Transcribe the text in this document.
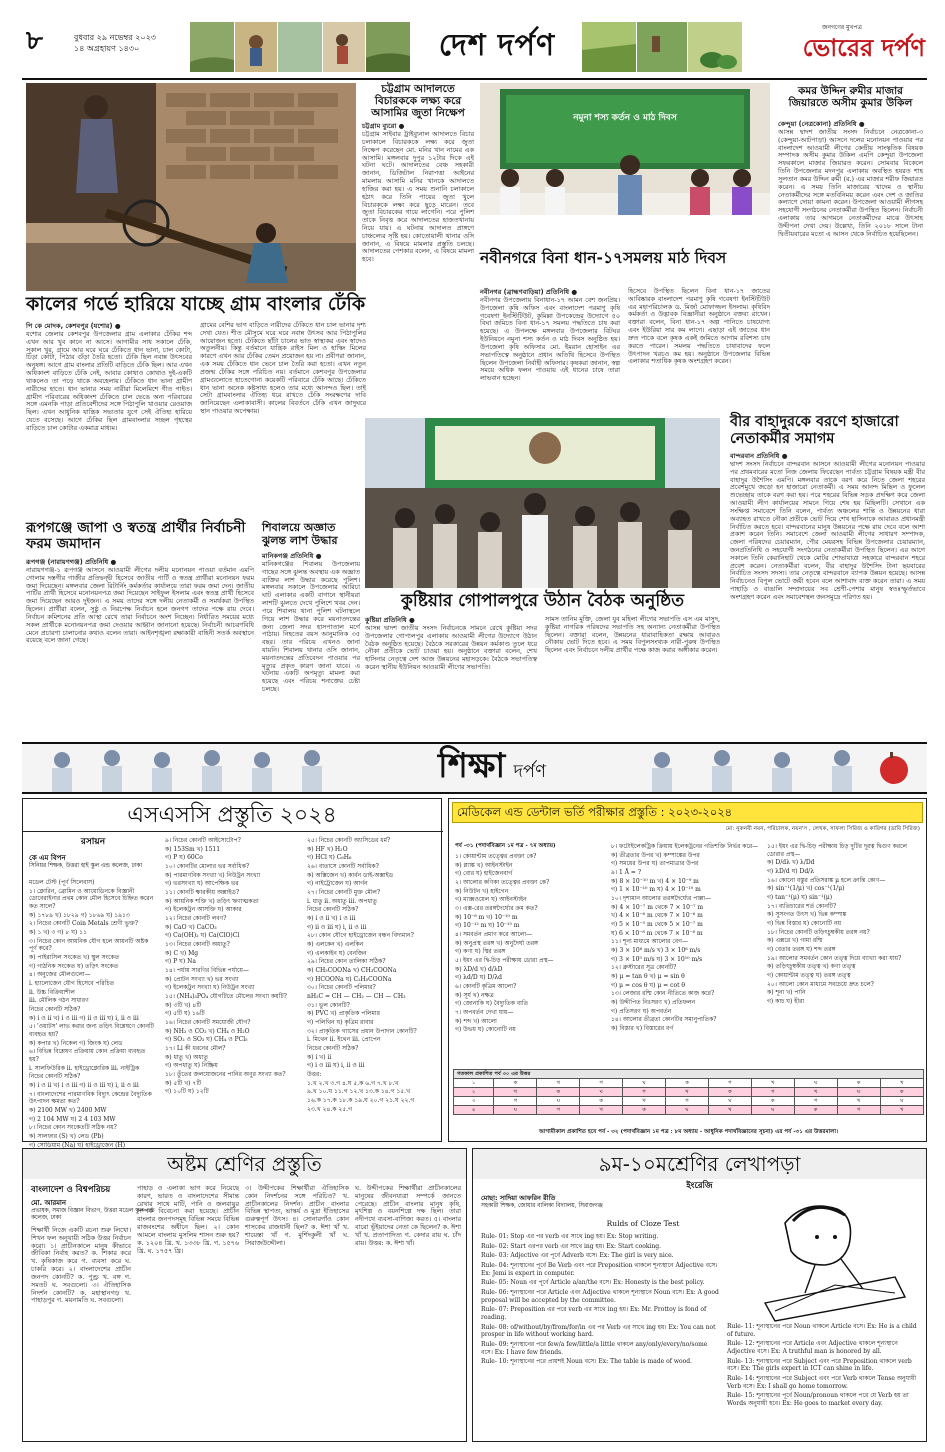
৮	বুধবার ২৯ নভেম্বর ২০২৩
১৪ অগ্রহায়ণ ১৪৩০	দেশ দর্পণ
জনগণের মুখপত্র
ভোরের দর্পণ
কালের গর্ভে হারিয়ে যাচ্ছে গ্রাম বাংলার ঢেঁকি
পি কে মোদক, কেশবপুর (যশোর) ●
যশোর জেলার কেশবপুর উপজেলার গ্রাম এলাকার ঢেঁকির শব্দ এখন আর খুব কানে না আসে। আগামীর সাধ সকালে ঢেঁকি, সকাল খুর, গ্রামে আর ঘরে ঘরে ঢেঁকিতে ধান ভানা, চাল কোটা, চিঁড়া কোটা, পিঠার গুঁড়া তৈরি হতো। ঢেঁকি ছিল নবান্ন উৎসবের অনুষঙ্গ। আগে গ্রাম বাংলার প্রতিটি বাড়িতে ঢেঁকি ছিল। আর এখন অধিকাংশ বাড়িতে ঢেঁকি নেই, আবার কোথাও কোথাও দুই-একটি থাকলেও তা পড়ে থাকে অবহেলায়। ঢেঁকিতে ধান ভানা গ্রামীণ নারীদের হাতে। ধান ভানার সময় নারীরা মিলেমিশে গীত গাইত। গ্রামীণ পরিবারের অধিকাংশ ঢেঁকিতে চাল ভেঙে অন্য পরিবারের সঙ্গে এমনকি পাড়া প্রতিবেশীদের সঙ্গে পিঠাপুলি খাওয়ার রেওয়াজ ছিল। এখন আধুনিক যান্ত্রিক সভ্যতার যুগে সেই ঐতিহ্য হারিয়ে যেতে বসেছে। আগে ঢেঁকির ছিল গ্রামবাংলার সচ্ছল গৃহস্থের বাড়িতে চাল কোটার একমাত্র মাধ্যম।
গ্রামের বেশির ভাগ বাড়িতে নারীদের ঢেঁকিতে ধান চাল ভানার দৃশ্য দেখা যেত। শীত মৌসুমে ঘরে ঘরে নবান্ন উৎসব আর পিঠাপুলির আয়োজন হতো। ঢেঁকিতে ছাঁটা চালের ভাত স্বাস্থ্যকর এবং স্বাদেও অতুলনীয়। কিন্তু বর্তমানে যান্ত্রিক রাইস মিল ও হাস্কিং মিলের কারণে এখন আর ঢেঁকির তেমন প্রয়োজন হয় না। প্রবীণরা জানান, এক সময় ঢেঁকিতে ধান ভেনে চাল তৈরি করা হতো। এখন নতুন প্রজন্ম ঢেঁকির সঙ্গে পরিচিত নয়। বর্তমানে কেশবপুর উপজেলার গ্রামগুলোতে হাতেগোনা কয়েকটি পরিবারে ঢেঁকি আছে। ঢেঁকিতে ধান ভানা অনেক কষ্টসাধ্য হলেও তার মধ্যে আনন্দও ছিল। তাই সেটা গ্রামবাংলার ঐতিহ্য ধরে রাখতে ঢেঁকি সংরক্ষণের দাবি জানিয়েছেন এলাকাবাসী। কালের বিবর্তনে ঢেঁকি এখন জাদুঘরে স্থান পাওয়ার অপেক্ষায়।
চট্টগ্রাম আদালতে বিচারককে লক্ষ্য করে আসামির জুতা নিক্ষেপ
চট্টগ্রাম ব্যুরো ●
চট্টগ্রাম সাইবার ট্রাইব্যুনাল আদালতে বিচার চলাকালে বিচারককে লক্ষ্য করে জুতা নিক্ষেপ করেছেন মো. মনির খান নামের এক আসামি। মঙ্গলবার দুপুর ১২টার দিকে এই ঘটনা ঘটে। আদালতের বেঞ্চ সহকারী জানান, ডিজিটাল নিরাপত্তা আইনের মামলায় আসামি মনির খানকে আদালতে হাজির করা হয়। এ সময় শুনানি চলাকালে হঠাৎ করে তিনি পায়ের জুতা খুলে বিচারককে লক্ষ্য করে ছুড়ে মারেন। তবে জুতা বিচারকের গায়ে লাগেনি। পরে পুলিশ তাকে নিবৃত্ত করে আদালতের হাজতখানায় নিয়ে যায়। এ ঘটনায় আদালত প্রাঙ্গণে চাঞ্চল্যের সৃষ্টি হয়। কোতোয়ালী থানার ওসি জানান, এ বিষয়ে মামলার প্রস্তুতি চলছে। আদালতের পেশকার বলেন, এ বিষয়ে মামলা হবে।
নমুনা শস্য কর্তন ও মাঠ দিবস
নবীনগরে বিনা ধান-১৭সমলয় মাঠ দিবস
নবীনগর (ব্রাহ্মণবাড়িয়া) প্রতিনিধি ●
নবীনগর উপজেলায় বিনাধান-১৭ আমন বেশ জনপ্রিয়। উপজেলা কৃষি অফিস এবং বাংলাদেশ পরমাণু কৃষি গবেষণা ইনস্টিটিউট, কুমিল্লা উপকেন্দ্রের উদ্যোগে ৫০ বিঘা জমিতে বিনা ধান-১৭ সমলয় পদ্ধতিতে চাষ করা হয়েছে। এ উপলক্ষে মঙ্গলবার উপজেলার বিটঘর ইউনিয়নে নমুনা শস্য কর্তন ও মাঠ দিবস অনুষ্ঠিত হয়। উপজেলা কৃষি অফিসার মো. ইমরান হোসাইন এর সভাপতিত্বে অনুষ্ঠানে প্রধান অতিথি হিসেবে উপস্থিত ছিলেন উপজেলা নির্বাহী অফিসার। কৃষকরা জানান, স্বল্প সময়ে অধিক ফলন পাওয়ায় এই ধানের চাষে তারা লাভবান হচ্ছেন।
হিসেবে উপস্থিত ছিলেন বিনা ধান-১৭ জাতের আবিষ্কারক বাংলাদেশ পরমাণু কৃষি গবেষণা ইনস্টিটিউট এর মহাপরিচালক ড. মির্জা মোফাজ্জল ইসলাম। কৃষিবিদ কর্মকর্তা ও উদ্ভাবক বিজ্ঞানীরা অনুষ্ঠানে বক্তব্য রাখেন। বক্তারা বলেন, বিনা ধান-১৭ অল্প পানিতে চাষযোগ্য এবং ইউরিয়া সার কম লাগে। এছাড়া এই জাতের ধান দ্রুত পাকে বলে কৃষক একই জমিতে আগাম রবিশস্য চাষ করতে পারেন। সমলয় পদ্ধতিতে চাষাবাদের ফলে উৎপাদন খরচও কম হয়। অনুষ্ঠানে উপজেলার বিভিন্ন এলাকার শতাধিক কৃষক অংশগ্রহণ করেন।
কমর উদ্দিন রুমীর মাজার জিয়ারতে অসীম কুমার উকিল
কেন্দুয়া (নেত্রকোনা) প্রতিনিধি ●
আসন্ন দ্বাদশ জাতীয় সংসদ নির্বাচনে নেত্রকোনা-৩ (কেন্দুয়া-আটপাড়া) আসনে দলের মনোনয়ন পাওয়ার পর বাংলাদেশ আওয়ামী লীগের কেন্দ্রীয় সাংস্কৃতিক বিষয়ক সম্পাদক অসীম কুমার উকিল এমপি কেন্দুয়া উপজেলা সফরকালে মাজার জিয়ারত করেন। সোমবার বিকেলে তিনি উপজেলার মদনপুর এলাকায় অবস্থিত হযরত শাহ সুলতান কমর উদ্দিন রুমী (র.) এর মাজার শরীফ জিয়ারত করেন। এ সময় তিনি মাজারের খাদেম ও স্থানীয় নেতাকর্মীদের সঙ্গে মতবিনিময় করেন এবং দেশ ও জাতির কল্যাণে দোয়া কামনা করেন। উপজেলা আওয়ামী লীগসহ সহযোগী সংগঠনের নেতাকর্মীরা উপস্থিত ছিলেন। নির্বাচনী এলাকায় তার আগমনে নেতাকর্মীদের মাঝে উৎসাহ উদ্দীপনা দেখা দেয়। উল্লেখ্য, তিনি ২০১৮ সালে টানা দ্বিতীয়বারের মতো এ আসন থেকে নির্বাচিত হয়েছিলেন।
বীর বাহাদুরকে বরণে হাজারো নেতাকর্মীর সমাগম
বান্দরবান প্রতিনিধি ●
দ্বাদশ সংসদ নির্বাচনে বান্দরবান আসনে আওয়ামী লীগের মনোনয়ন পাওয়ার পর প্রথমবারের মতো নিজ জেলায় ফিরেছেন পার্বত্য চট্টগ্রাম বিষয়ক মন্ত্রী বীর বাহাদুর উশৈসিং এমপি। মঙ্গলবার তাকে বরণ করে নিতে জেলা শহরের প্রবেশমুখে জড়ো হন হাজারো নেতাকর্মী। এ সময় আনন্দ মিছিল ও ফুলেল শুভেচ্ছায় তাকে বরণ করা হয়। পরে শহরের বিভিন্ন সড়ক প্রদক্ষিণ করে জেলা আওয়ামী লীগ কার্যালয়ের সামনে গিয়ে শেষ হয় মিছিলটি। সেখানে এক সংক্ষিপ্ত সমাবেশে তিনি বলেন, পার্বত্য অঞ্চলের শান্তি ও উন্নয়নের ধারা অব্যাহত রাখতে নৌকা প্রতীকে ভোট দিয়ে শেখ হাসিনাকে আবারও প্রধানমন্ত্রী নির্বাচিত করতে হবে। বান্দরবানের মানুষ উন্নয়নের পক্ষে রায় দেবে বলে আশা প্রকাশ করেন তিনি। সমাবেশে জেলা আওয়ামী লীগের সাধারণ সম্পাদক, জেলা পরিষদের চেয়ারম্যান, পৌর মেয়রসহ বিভিন্ন উপজেলার চেয়ারম্যান, জনপ্রতিনিধি ও সহযোগী সংগঠনের নেতাকর্মীরা উপস্থিত ছিলেন। এর আগে সকালে তিনি কেরানিহাট থেকে মোটর শোভাযাত্রা সহকারে বান্দরবান শহরে প্রবেশ করেন। নেতাকর্মীরা বলেন, বীর বাহাদুর উশৈসিং টানা ছয়বারের নির্বাচিত সংসদ সদস্য। তার নেতৃত্বে বান্দরবানে ব্যাপক উন্নয়ন হয়েছে। আসন্ন নির্বাচনেও বিপুল ভোটে জয়ী হবেন বলে আশাবাদ ব্যক্ত করেন তারা। এ সময় পাহাড়ি ও বাঙালি সম্প্রদায়ের সব শ্রেণী-পেশার মানুষ স্বতঃস্ফূর্তভাবে অংশগ্রহণ করেন এবং সমাবেশস্থল জনসমুদ্রে পরিণত হয়।
কুষ্টিয়ার গোপালপুরে উঠান বৈঠক অনুষ্ঠিত
কুষ্টিয়া প্রতিনিধি ●
আসন্ন দ্বাদশ জাতীয় সংসদ নির্বাচনকে সামনে রেখে কুষ্টিয়া সদর উপজেলার গোপালপুর এলাকায় আওয়ামী লীগের উদ্যোগে উঠান বৈঠক অনুষ্ঠিত হয়েছে। বৈঠকে সরকারের উন্নয়ন কর্মকাণ্ড তুলে ধরে নৌকা প্রতীকে ভোট চাওয়া হয়। অনুষ্ঠানে বক্তারা বলেন, শেখ হাসিনার নেতৃত্বে দেশ আজ উন্নয়নের মহাসড়কে। বৈঠকে সভাপতিত্ব করেন স্থানীয় ইউনিয়ন আওয়ামী লীগের সভাপতি।
সামস তানিম মুক্তি, জেলা যুব মহিলা লীগের সভাপতি এস এম মাসুদ, কুষ্টিয়া নাগরিক পরিষদের সভাপতি সহ অন্যান্য নেতাকর্মীরা উপস্থিত ছিলেন। বক্তারা বলেন, উন্নয়নের ধারাবাহিকতা রক্ষায় আবারও নৌকায় ভোট দিতে হবে। এ সময় বিপুলসংখ্যক নারী-পুরুষ উপস্থিত ছিলেন এবং নির্বাচনে দলীয় প্রার্থীর পক্ষে কাজ করার অঙ্গীকার করেন।
রূপগঞ্জে জাপা ও স্বতন্ত্র প্রার্থীর নির্বাচনী ফরম জমাদান
রূপগঞ্জ (নারায়ণগঞ্জ) প্রতিনিধি ●
নারায়ণগঞ্জ-১ রূপগঞ্জ আসনে আওয়ামী লীগের দলীয় মনোনয়ন পাওয়া বর্তমান এমপি গোলাম দস্তগীর গাজীর প্রতিদ্বন্দ্বী হিসেবে জাতীয় পার্টি ও স্বতন্ত্র প্রার্থীরা মনোনয়ন ফরম জমা দিয়েছেন। মঙ্গলবার জেলা রিটার্নিং কর্মকর্তার কার্যালয়ে তারা ফরম জমা দেন। জাতীয় পার্টির প্রার্থী হিসেবে মনোনয়নপত্র জমা দিয়েছেন সাইফুল ইসলাম এবং স্বতন্ত্র প্রার্থী হিসেবে জমা দিয়েছেন আরও দুইজন। এ সময় তাদের সঙ্গে দলীয় নেতাকর্মী ও সমর্থকরা উপস্থিত ছিলেন। প্রার্থীরা বলেন, সুষ্ঠু ও নিরপেক্ষ নির্বাচন হলে জনগণ তাদের পক্ষে রায় দেবে। নির্বাচন কমিশনের প্রতি আস্থা রেখে তারা নির্বাচনে অংশ নিচ্ছেন। নির্ধারিত সময়ের মধ্যে সকল প্রার্থীকে মনোনয়নপত্র জমা দেওয়ার আহ্বান জানানো হয়েছে। নির্বাচনী আচরণবিধি মেনে প্রচারণা চালানোর কথাও বলেন তারা। আইনশৃঙ্খলা রক্ষাকারী বাহিনী সতর্ক অবস্থানে রয়েছে বলে জানা গেছে।
শিবালয়ে অজ্ঞাত ঝুলন্ত লাশ উদ্ধার
মানিকগঞ্জ প্রতিনিধি ●
মানিকগঞ্জের শিবালয় উপজেলায় গাছের সঙ্গে ঝুলন্ত অবস্থায় এক অজ্ঞাত ব্যক্তির লাশ উদ্ধার করেছে পুলিশ। মঙ্গলবার সকালে উপজেলার আরিচা ঘাট এলাকার একটি বাগানে স্থানীয়রা লাশটি ঝুলতে দেখে পুলিশে খবর দেন। পরে শিবালয় থানা পুলিশ ঘটনাস্থলে গিয়ে লাশ উদ্ধার করে ময়নাতদন্তের জন্য জেলা সদর হাসপাতাল মর্গে পাঠায়। নিহতের বয়স আনুমানিক ৩৫ বছর। তার পরিচয় এখনও জানা যায়নি। শিবালয় থানার ওসি জানান, ময়নাতদন্তের প্রতিবেদন পাওয়ার পর মৃত্যুর প্রকৃত কারণ জানা যাবে। এ ঘটনায় একটি অপমৃত্যু মামলা করা হয়েছে এবং পরিচয় শনাক্তের চেষ্টা চলছে।
শিক্ষা দর্পণ
এসএসসি প্রস্তুতি ২০২৪
রসায়ন
কে এম বিপন
সিনিয়র শিক্ষক, উত্তরা হাই স্কুল এন্ড কলেজ, ঢাকা
মডেল টেস্ট (পূর্ণ সিলেবাস)
১। ক্লোরিন, ব্রোমিন ও আয়োডিনকে বিজ্ঞানী ডোবেরাইনার প্রথম কোন মৌল হিসেবে চিহ্নিত করেন কত সালে?
ক) ১৭৮৯ খ) ১৮২৯ গ) ১৮৬৯ ঘ) ১৯১৩
২। নিচের কোনটি Coin Metals শ্রেণী ভুক্ত?
ক) ১ খ) ৩ গ) ৮ ঘ) ১১
৩। নিচের কোন আয়নিক যৌগ হলে আয়নটি অষ্টক পূর্ণ করে?
ক) পাইরাসিল সংকেত খ) স্থুল সংকেত
গ) গাঠনিক সংকেত ঘ) তড়িৎ সংকেত
৪। অনুজের মৌলগুলো—
i. হ্যালোজেন যৌগ হিসেবে পরিচিত
ii. উচ্চ বিক্রিয়াশীল
iii. মৌলিক গঠন সাধারণ
নিচের কোনটি সঠিক?
ক) i ও ii খ) i ও iii গ) ii ও iii ঘ) i, ii ও iii
৫। 'ওয়াটস' লাভ করার জন্য তড়িৎ বিশ্লেষণে কোনটি ব্যবহৃত হয়?
ক) কপার খ) নিকেল গ) জিংক ঘ) লেড
৬। বিভিন্ন বিশ্লেষণ প্রক্রিয়ায় কোন প্রক্রিয়া ব্যবহৃত হয়?
i. সালফিউরিক ii. হাইড্রোক্লোরিক iii. নাইট্রিক
নিচের কোনটি সঠিক?
ক) i ও ii খ) i ও iii গ) ii ও iii ঘ) i, ii ও iii
৭। বাংলাদেশের পারমাণবিক বিদ্যুৎ কেন্দ্রের বৈদ্যুতিক উৎপাদন ক্ষমতা কত?
ক) 2100 MW খ) 2400 MW
গ) 2 104 MW ঘ) 2 4 103 MW
৮। নিচের কোন সংকেতটি সঠিক নয়?
ক) সালফার (S) খ) লেড (Pb)
গ) সোডিয়াম (Na) ঘ) হাইড্রোজেন (H)
৯। নিচের কোনটি আইসোটোপ?
ক) 153Sm খ) 1511
গ) P ঘ) 60Co
১০। কোনটির মোলার ভর সর্বাধিক?
ক) পারমাণবিক সংখ্যা খ) নিউট্রন সংখ্যা
গ) ভরসংখ্যা ঘ) আপেক্ষিক ভর
১১। কোনটি ক্ষারকীয় অক্সাইড?
ক) আয়নিক শক্তি খ) তড়িৎ ঋণাত্মকতা
গ) ইলেকট্রন আসক্তি ঘ) আকার
১২। নিচের কোনটি লবণ?
ক) CaO খ) CaCO₃
গ) Ca(OH)₂ ঘ) Ca(ClO)Cl
১৩। নিচের কোনটি অধাতু?
ক) C খ) Mg
গ) P ঘ) Na
১৪। পর্যায় সারণির বিভিন্ন পর্যায়ে—
ক) প্রোটন সংখ্যা খ) ভর সংখ্যা
গ) ইলেকট্রন সংখ্যা ঘ) নিউট্রন সংখ্যা
১৫। (NH₄)₃PO₄ যৌগটিতে মৌলের সংখ্যা কয়টি?
ক) ৩টি খ) ৪টি
গ) ৫টি ঘ) ১৬টি
১৬। নিচের কোনটি সমযোজী যৌগ?
ক) NH₃ ও CO₂ খ) CH₄ ও H₂O
গ) SO₂ ও SO₃ ঘ) CH₄ ও PCl₅
১৭। Li কী ধরনের মৌল?
ক) ধাতু খ) অধাতু
গ) অপধাতু ঘ) নিষ্ক্রিয়
১৮। তুঁতের জলযোজনের পানির অণুর সংখ্যা কত?
ক) ৫টি খ) ৭টি
গ) ১০টি ঘ) ১২টি
২৫। নিচের কোনটি অ্যাসিডের ধর্ম?
ক) HF খ) H₂O
গ) HCl ঘ) C₆H₆
২৬। বাতাসে কোনটি সর্বাধিক?
ক) অক্সিজেন খ) কার্বন ডাই-অক্সাইড
গ) নাইট্রোজেন ঘ) আর্গন
২৭। নিচের কোনটি মুক্ত মৌল?
i. ধাতু ii. অধাতু iii. অপধাতু
নিচের কোনটি সঠিক?
ক) i ও ii খ) i ও iii
গ) ii ও iii ঘ) i, ii ও iii
২৮। কোন যৌগে হাইড্রোজেন বন্ধন বিদ্যমান?
ক) এলকেন খ) এলকিন
গ) এলকাইন ঘ) বেনজিন
২৯। নিচের কোন তালিকা সঠিক?
ক) CH₃COONa খ) CH₃COONa
গ) HCOONa ঘ) C₂H₅COONa
৩০। নিচের কোনটি পলিমার?
nH₂C = CH — CH₂ — CH — CH₃
৩১। ভুল কোনটি?
ক) PVC খ) প্রাকৃতিক পলিমার
গ) পলিথিন ঘ) কৃত্রিম রাবার
৩২। প্রাকৃতিক গ্যাসের প্রধান উপাদান কোনটি?
i. মিথেন ii. ইথেন iii. প্রোপেন
নিচের কোনটি সঠিক?
ক) i খ) ii
গ) i ও iii ঘ) i, ii ও iii
উত্তর:
১.খ ২.খ ৩.গ ৪.ঘ ৫.ক ৬.গ ৭.খ ৮.খ
৯.খ ১০.ঘ ১১.গ ১২.খ ১৩.ক ১৪.গ ১৫.খ
১৬.ক ১৭.ক ১৮.ক ১৯.ঘ ২০.গ ২১.ঘ ২২.গ
২৩.খ ২৪.ক ২৫.গ
মেডিকেল এন্ড ডেন্টাল ভর্তি পরীক্ষার প্রস্তুতি : ২০২৩-২০২৪
মো: নুরুনবী নয়ন, পরিচালক, নয়ন'স , লেখক, সাফল্য সিরিজ ও কারিগর (ডাবি সিরিজ)
পর্ব -৩১ (পদার্থবিজ্ঞান ১ম পত্র - ৭ম অধ্যায়)
১। কোয়ান্টাম তত্ত্বের প্রবক্তা কে?
ক) প্ল্যাঙ্ক খ) আইনস্টাইন
গ) বোর ঘ) হাইজেনবার্গ
২। আলোর কণিকা তত্ত্বের প্রবক্তা কে?
ক) নিউটন খ) হাইগেন
গ) ম্যাক্সওয়েল ঘ) আইনস্টাইন
৩। এক্স-রের তরঙ্গদৈর্ঘ্যের ক্রম কত?
ক) 10⁻⁸ m খ) 10⁻¹⁰ m
গ) 10⁻¹² m ঘ) 10⁻¹⁵ m
৪। সমবর্তন প্রমাণ করে আলো—
ক) অনুপ্রস্থ তরঙ্গ খ) অনুদৈর্ঘ্য তরঙ্গ
গ) কণা ঘ) স্থির তরঙ্গ
৫। ইয়ং এর দ্বি-চিড় পরীক্ষায় ডোরা প্রস্থ—
ক) λD/d খ) d/λD
গ) λd/D ঘ) D/λd
৬। কোনটি কৃত্রিম আলো?
ক) সূর্য খ) নক্ষত্র
গ) জোনাকি ঘ) বৈদ্যুতিক বাতি
৭। অপবর্তন দেখা যায়—
ক) শব্দ খ) আলো
গ) উভয় ঘ) কোনোটি নয়
৮। ফটোইলেকট্রিক ক্রিয়ায় ইলেকট্রনের গতিশক্তি নির্ভর করে—
ক) তীব্রতার উপর খ) কম্পাঙ্কের উপর
গ) সময়ের উপর ঘ) তাপমাত্রার উপর
৯। 1 Å = ?
ক) 8 × 10⁻¹⁰ m খ) 4 × 10⁻⁹ m
গ) 1 × 10⁻¹⁰ m ঘ) 4 × 10⁻¹⁰ m
১০। দৃশ্যমান আলোর তরঙ্গদৈর্ঘ্যের পাল্লা—
ক) 4 × 10⁻⁷ m থেকে 7 × 10⁻⁷ m
খ) 4 × 10⁻⁶ m থেকে 7 × 10⁻⁶ m
গ) 5 × 10⁻⁵ m থেকে 5 × 10⁻⁷ m
ঘ) 6 × 10⁻⁸ m থেকে 7 × 10⁻⁸ m
১১। শূন্য মাধ্যমে আলোর বেগ—
ক) 3 × 10⁸ m/s খ) 3 × 10⁶ m/s
গ) 3 × 10⁵ m/s ঘ) 3 × 10¹⁰ m/s
১২। ব্রুস্টারের সূত্র কোনটি?
ক) μ = tan θ খ) μ = sin θ
গ) μ = cos θ ঘ) μ = cot θ
১৩। লেজার রশ্মি কোন নীতিতে কাজ করে?
ক) উদ্দীপিত নিঃসরণ খ) প্রতিফলন
গ) প্রতিসরণ ঘ) অপবর্তন
১৪। আলোর তীব্রতা কোনটির সমানুপাতিক?
ক) বিস্তার খ) বিস্তারের বর্গ
১৫। ইয়ং এর দ্বি-চিড় পরীক্ষায় চিড় দুটির দূরত্ব দ্বিগুণ করলে ডোরার প্রস্থ—
ক) D/dλ খ) λ/Dd
গ) λD/d ঘ) Dd/λ
১৬। কোনো বস্তুর প্রতিসরাঙ্ক μ হলে ক্রান্তি কোণ—
ক) sin⁻¹(1/μ) খ) cos⁻¹(1/μ)
গ) tan⁻¹(μ) ঘ) sin⁻¹(μ)
১৭। ব্যতিচারের শর্ত কোনটি?
ক) সুসংগত উৎস খ) ভিন্ন কম্পাঙ্ক
গ) ভিন্ন বিস্তার ঘ) কোনোটি নয়
১৮। নিচের কোনটি তড়িৎচুম্বকীয় তরঙ্গ নয়?
ক) এক্সরে খ) গামা রশ্মি
গ) বেতার তরঙ্গ ঘ) শব্দ তরঙ্গ
১৯। আলোর সমবর্তন কোন তত্ত্ব দিয়ে ব্যাখ্যা করা যায়?
ক) তড়িৎচুম্বকীয় তত্ত্ব খ) কণা তত্ত্ব
গ) কোয়ান্টাম তত্ত্ব ঘ) তরঙ্গ তত্ত্ব
২০। আলো কোন মাধ্যমে সবচেয়ে দ্রুত চলে?
ক) শূন্য খ) পানি
গ) কাচ ঘ) হীরা
গতকাল প্রকাশিত পর্ব ৩০ এর উত্তর										
১	ক	খ	গ	ঘ	ক	গ	খ	ঘ	ক	খ
২	খ	ক	ঘ	গ	খ	ক	গ	খ	ঘ	ক
৩	গ	ঘ	ক	খ	গ	ঘ	ক	গ	খ	ঘ
৪	ঘ	গ	খ	ক	ঘ	খ	ঘ	ক	গ	খ
আগামীকাল প্রকাশিত হবে পর্ব - ৩২ (পদার্থবিজ্ঞান ১ম পত্র : ৮ম অধ্যায় - আধুনিক পদার্থবিজ্ঞানের সূচনা) এর পর্ব -৩১ এর উত্তরমালা।
অষ্টম শ্রেণির প্রস্তুতি
বাংলাদেশ ও বিশ্বপরিচয়
মো. আরমান
প্রভাষক, সমাজ বিজ্ঞান বিভাগ, উত্তরা মডেল স্কুল এন্ড কলেজ, ঢাকা
শিক্ষার্থী নিজে একটি রচনা শুরু লিখো। শিখন ফল অনুযায়ী সঠিক উত্তর নির্বাচন করো। ১। প্রাচীনকালে মানুষ কীভাবে জীবিকা নির্বাহ করত? ক. শিকার করে খ. কৃষিকাজ করে গ. ব্যবসা করে ঘ. চাকরি করে। ২। বাংলাদেশের প্রাচীন জনপদ কোনটি? ক. পুণ্ড্র খ. বঙ্গ গ. সমতট ঘ. সবগুলো। ৩। ঐতিহাসিক নিদর্শন কোনটি? ক. মহাস্থানগড় খ. পাহাড়পুর গ. ময়নামতি ঘ. সবগুলো।
পাহাড় ও এলাকা ভাগ করে নিয়েছে কারণ, ভারত ও বাংলাদেশের সীমান্ত রেখার সাথে মাটি, পানি ও জলবায়ুর সম্পর্ক বিবেচনা করা হয়েছে। প্রাচীন বাংলার জনপদসমূহ বিভিন্ন সময়ে বিভিন্ন রাজবংশের অধীনে ছিল। ২। কোন আমলে বাংলায় মুসলিম শাসন শুরু হয়? ক. ১২০৪ খ্রি. খ. ১৩৩৮ খ্রি. গ. ১৫৭৬ খ্রি. ঘ. ১৭৫৭ খ্রি।
৩। উদ্দীপকের শিক্ষার্থীরা ঐতিহাসিক কোন নিদর্শনের সঙ্গে পরিচিত? খ. প্রাচীনকালের নিদর্শন। প্রাচীন বাংলার বিভিন্ন স্থাপত্য, ভাস্কর্য ও মুদ্রা ইতিহাসের গুরুত্বপূর্ণ উৎস। ৪। সোনারগাঁও কোন শাসকের রাজধানী ছিল? ক. ঈশা খাঁ খ. শায়েস্তা খাঁ গ. মুর্শিদকুলী খাঁ ঘ. সিরাজউদ্দৌলা।
ঘ. উদ্দীপকের শিক্ষার্থীরা প্রাচীনকালের মানুষের জীবনযাত্রা সম্পর্কে জানতে পেরেছে। প্রাচীন বাংলার মানুষ কৃষি, মৃৎশিল্প ও বয়নশিল্পে দক্ষ ছিল। তারা নদীপথে ব্যবসা-বাণিজ্য করত। ৫। বাংলার বারো ভূঁইয়াদের নেতা কে ছিলেন? ক. ঈশা খাঁ খ. প্রতাপাদিত্য গ. কেদার রায় ঘ. চাঁদ রায়। উত্তর: ক. ঈশা খাঁ।
৯ম-১০মশ্রেণির লেখাপড়া
ইংরেজি
মোছা: সাদিয়া আফরিন রীতি
সহকারী শিক্ষক, জোয়ার বালিকা বিদ্যালয়, সিরাজগঞ্জ
Rulds of Cloze Test
Rule- 01: Stop এর পর verb এর সাথে ing হয়। Ex: Stop writing.
Rule- 02: Start এরপর verb এর সাথে ing হয়। Ex: Start cooking.
Rule- 03: Adjective এর পূর্বে Adverb বসে। Ex: The girl is very nice.
Rule- 04: শূন্যস্থানের পূর্বে Be Verb এবং পরে Preposition থাকলে শূন্যস্থানে Adjective বসে। Ex: Jemi is expert in computer.
Rule- 05: Noun এর পূর্বে Article a/an/the বসে। Ex: Honesty is the best policy.
Rule- 06: শূন্যস্থানের পরে Article এবং Adjective থাকলে শূন্যস্থানে Noun বসে। Ex: A good proposal will be accepted by the committee.
Rule- 07: Preposition এর পরে verb এর সাথে ing হয়। Ex: Mr. Prottoy is fond of reading.
Rule- 08: of/without/by/from/for/in এর পর Verb এর সাথে ing হয়। Ex: You can not prosper in life without working hard.
Rule- 09: শূন্যস্থানের পরে few/a few/little/a little থাকলে any/only/every/no/some বসে। Ex: I have few friends.
Rule- 10: শূন্যস্থানের পরে প্রায়শই Noun বসে। Ex: The table is made of wood.
Rule- 11: শূন্যস্থানের পরে Noun থাকলে Article বসে। Ex: He is a child of future.
Rule- 12: শূন্যস্থানের পরে Article এবং Adjective থাকলে শূন্যস্থানে Adjective বসে। Ex: A truthful man is honored by all.
Rule- 13: শূন্যস্থানের পরে Subject এবং পরে Preposition থাকলে verb বসে। Ex: The girls expert in ICT can shine in life.
Rule- 14: শূন্যস্থানের পরে Subject এবং পরে Verb থাকলে Tense অনুযায়ী Verb বসে। Ex: I shall go home tomorrow.
Rule- 15: শূন্যস্থানের পূর্বে Noun/pronoun থাকলে পরে যে Verb হয় তা Words অনুযায়ী হবে। Ex: He goes to market every day.
